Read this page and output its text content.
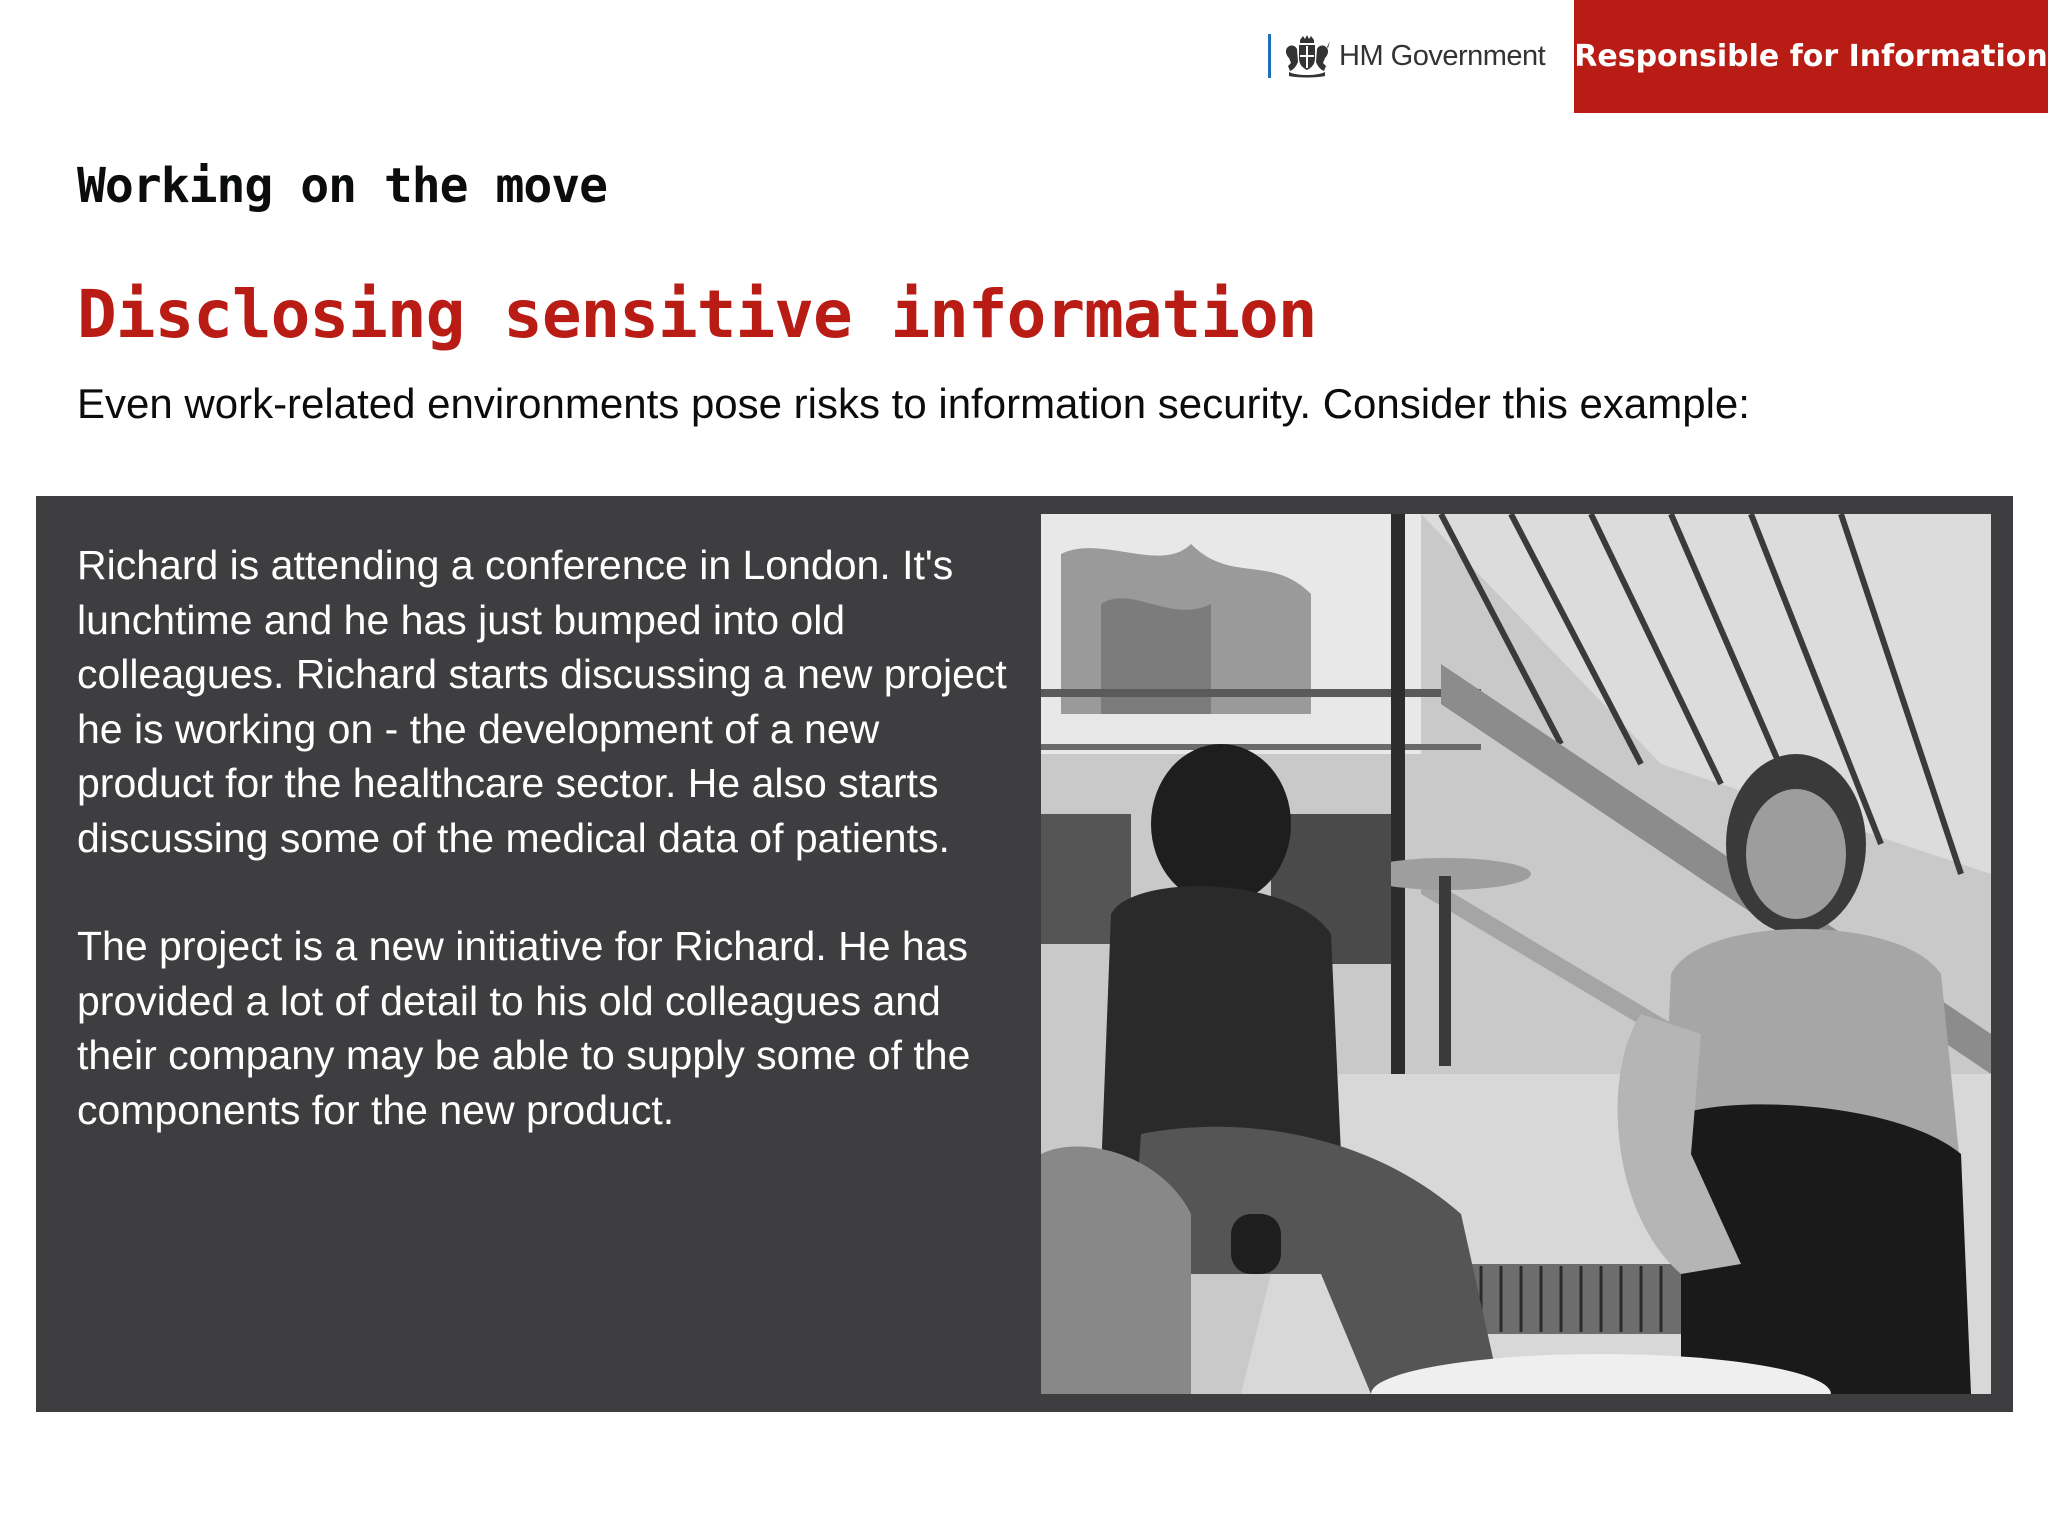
HM Government Responsible for Information
Working on the move
Disclosing sensitive information
Even work-related environments pose risks to information security. Consider this example:

Richard is attending a conference in London. It's lunchtime and he has just bumped into old colleagues. Richard starts discussing a new project he is working on - the development of a new product for the healthcare sector. He also starts discussing some of the medical data of patients.

The project is a new initiative for Richard. He has provided a lot of detail to his old colleagues and their company may be able to supply some of the components for the new product.
